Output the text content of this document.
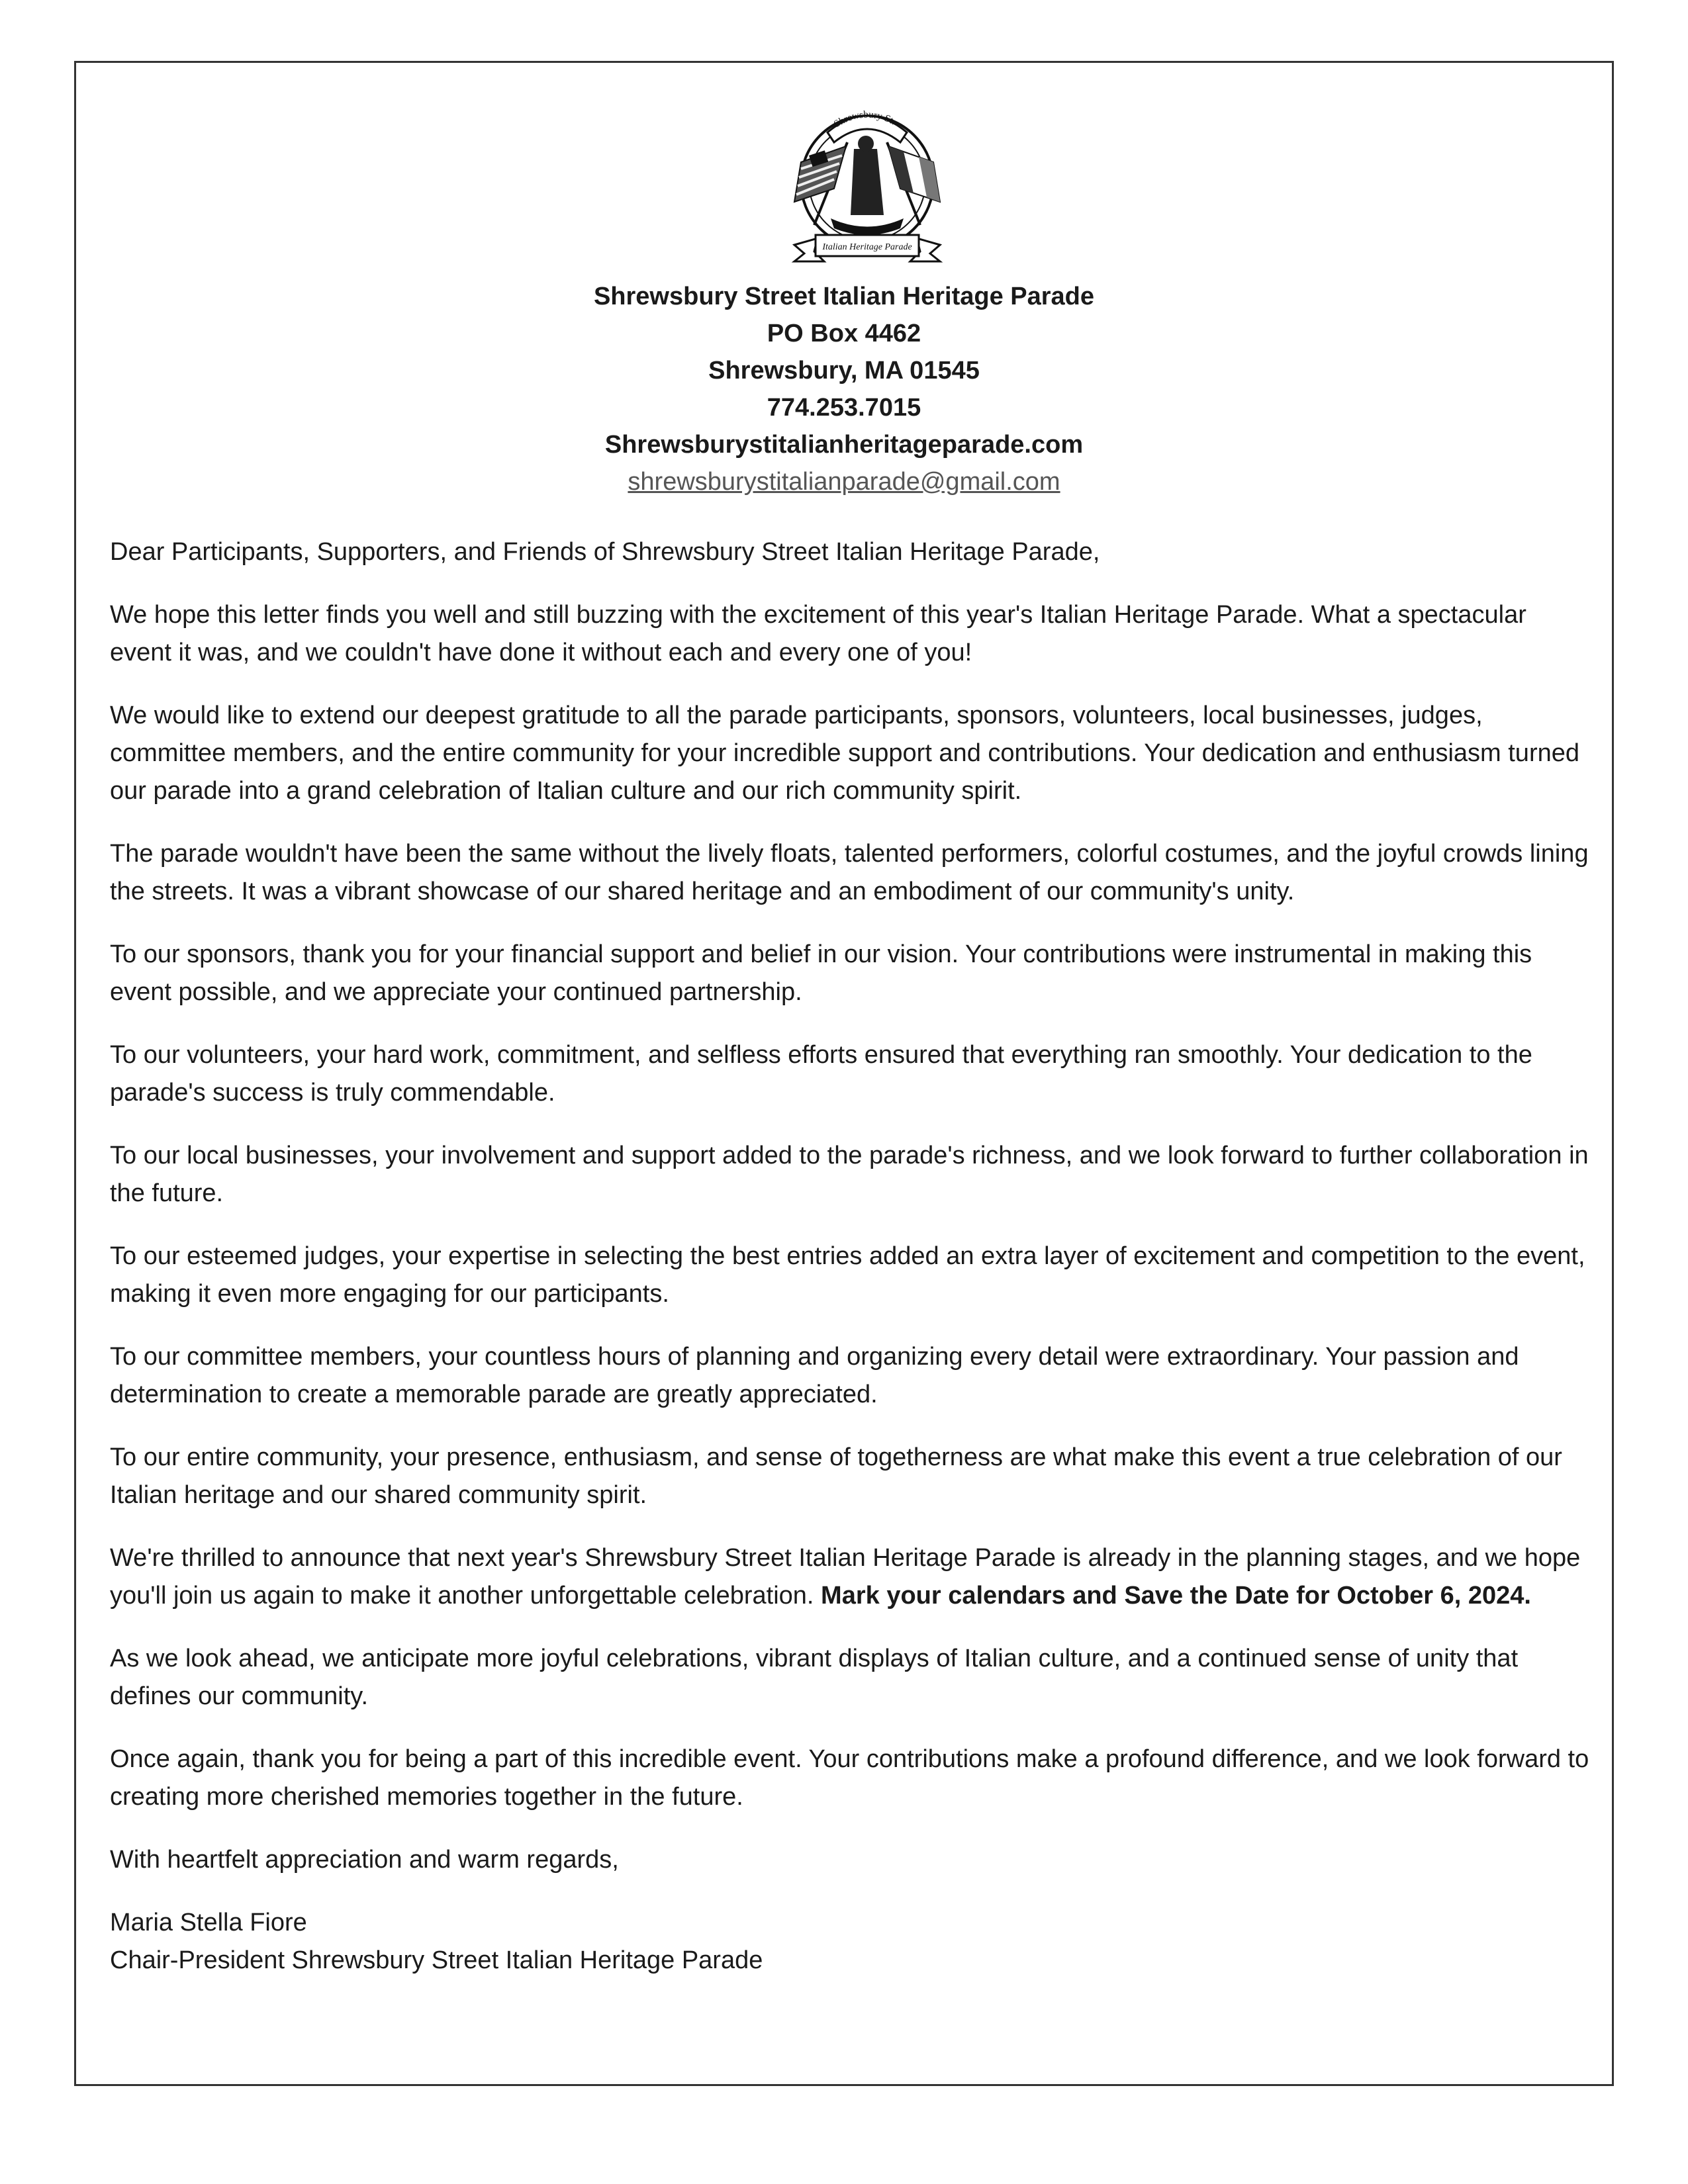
Shrewsbury St.
Italian Heritage Parade
Shrewsbury Street Italian Heritage Parade
PO Box 4462
Shrewsbury, MA 01545
774.253.7015
Shrewsburystitalianheritageparade.com
shrewsburystitalianparade@gmail.com

Dear Participants, Supporters, and Friends of Shrewsbury Street Italian Heritage Parade,

We hope this letter finds you well and still buzzing with the excitement of this year's Italian Heritage Parade. What a spectacular event it was, and we couldn't have done it without each and every one of you!

We would like to extend our deepest gratitude to all the parade participants, sponsors, volunteers, local businesses, judges, committee members, and the entire community for your incredible support and contributions. Your dedication and enthusiasm turned our parade into a grand celebration of Italian culture and our rich community spirit.

The parade wouldn't have been the same without the lively floats, talented performers, colorful costumes, and the joyful crowds lining the streets. It was a vibrant showcase of our shared heritage and an embodiment of our community's unity.

To our sponsors, thank you for your financial support and belief in our vision. Your contributions were instrumental in making this event possible, and we appreciate your continued partnership.

To our volunteers, your hard work, commitment, and selfless efforts ensured that everything ran smoothly. Your dedication to the parade's success is truly commendable.

To our local businesses, your involvement and support added to the parade's richness, and we look forward to further collaboration in the future.

To our esteemed judges, your expertise in selecting the best entries added an extra layer of excitement and competition to the event, making it even more engaging for our participants.

To our committee members, your countless hours of planning and organizing every detail were extraordinary. Your passion and determination to create a memorable parade are greatly appreciated.

To our entire community, your presence, enthusiasm, and sense of togetherness are what make this event a true celebration of our Italian heritage and our shared community spirit.

We're thrilled to announce that next year's Shrewsbury Street Italian Heritage Parade is already in the planning stages, and we hope you'll join us again to make it another unforgettable celebration. Mark your calendars and Save the Date for October 6, 2024.

As we look ahead, we anticipate more joyful celebrations, vibrant displays of Italian culture, and a continued sense of unity that defines our community.

Once again, thank you for being a part of this incredible event. Your contributions make a profound difference, and we look forward to creating more cherished memories together in the future.

With heartfelt appreciation and warm regards,

Maria Stella Fiore
Chair-President Shrewsbury Street Italian Heritage Parade
